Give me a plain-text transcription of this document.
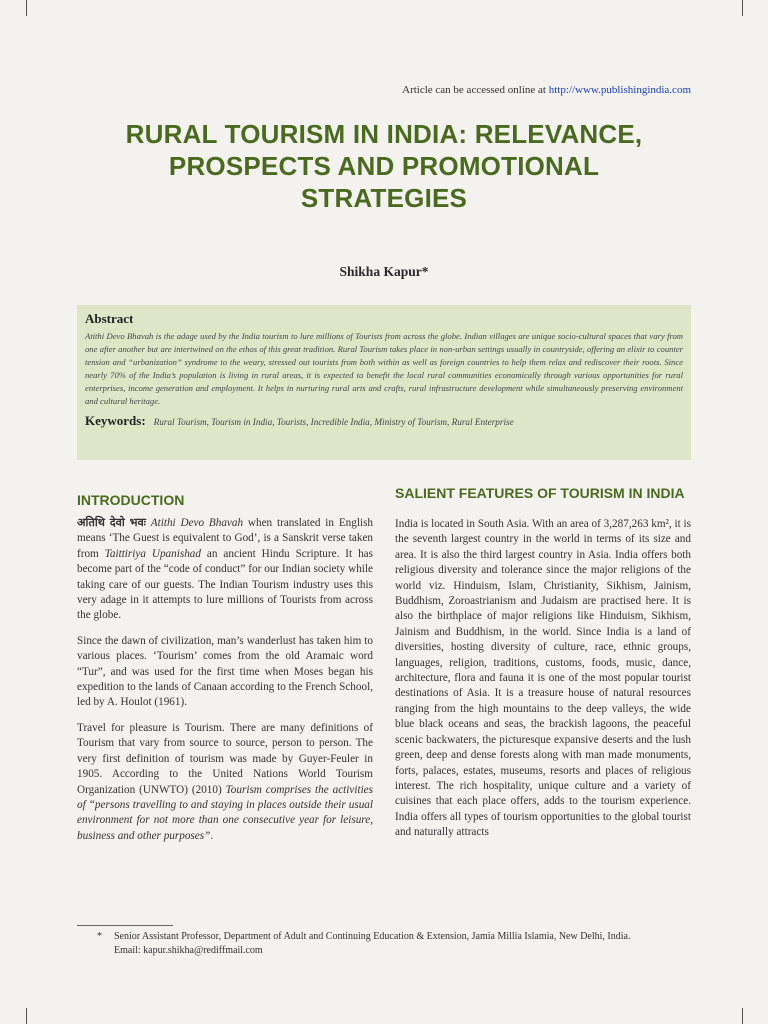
Article can be accessed online at http://www.publishingindia.com
RURAL TOURISM IN INDIA: RELEVANCE, PROSPECTS AND PROMOTIONAL STRATEGIES
Shikha Kapur*
Abstract

Atithi Devo Bhavah is the adage used by the India tourism to lure millions of Tourists from across the globe. Indian villages are unique socio-cultural spaces that vary from one after another but are intertwined on the ethos of this great tradition. Rural Tourism takes place in non-urban settings usually in countryside, offering an elixir to counter tension and “urbanization” syndrome to the weary, stressed out tourists from both within as well as foreign countries to help them relax and rediscover their roots. Since nearly 70% of the India’s population is living in rural areas, it is expected to benefit the local rural communities economically through various opportunities for rural enterprises, income generation and employment. It helps in nurturing rural arts and crafts, rural infrastructure development while simultaneously preserving environment and cultural heritage.

Keywords: Rural Tourism, Tourism in India, Tourists, Incredible India, Ministry of Tourism, Rural Enterprise
INTRODUCTION

अतिथि देवो भवः Atithi Devo Bhavah when translated in English means ‘The Guest is equivalent to God’, is a Sanskrit verse taken from Taittiriya Upanishad an ancient Hindu Scripture. It has become part of the “code of conduct” for our Indian society while taking care of our guests. The Indian Tourism industry uses this very adage in it attempts to lure millions of Tourists from across the globe.

Since the dawn of civilization, man’s wanderlust has taken him to various places. ‘Tourism’ comes from the old Aramaic word “Tur”, and was used for the first time when Moses began his expedition to the lands of Canaan according to the French School, led by A. Houlot (1961).

Travel for pleasure is Tourism. There are many definitions of Tourism that vary from source to source, person to person. The very first definition of tourism was made by Guyer-Feuler in 1905. According to the United Nations World Tourism Organization (UNWTO) (2010) Tourism comprises the activities of “persons travelling to and staying in places outside their usual environment for not more than one consecutive year for leisure, business and other purposes”.

SALIENT FEATURES OF TOURISM IN INDIA

India is located in South Asia. With an area of 3,287,263 km², it is the seventh largest country in the world in terms of its size and area. It is also the third largest country in Asia. India offers both religious diversity and tolerance since the major religions of the world viz. Hinduism, Islam, Christianity, Sikhism, Jainism, Buddhism, Zoroastrianism and Judaism are practised here. It is also the birthplace of major religions like Hinduism, Sikhism, Jainism and Buddhism, in the world. Since India is a land of diversities, hosting diversity of culture, race, ethnic groups, languages, religion, traditions, customs, foods, music, dance, architecture, flora and fauna it is one of the most popular tourist destinations of Asia. It is a treasure house of natural resources ranging from the high mountains to the deep valleys, the wide blue black oceans and seas, the brackish lagoons, the peaceful scenic backwaters, the picturesque expansive deserts and the lush green, deep and dense forests along with man made monuments, forts, palaces, estates, museums, resorts and places of religious interest. The rich hospitality, unique culture and a variety of cuisines that each place offers, adds to the tourism experience. India offers all types of tourism opportunities to the global tourist and naturally attracts

* Senior Assistant Professor, Department of Adult and Continuing Education & Extension, Jamia Millia Islamia, New Delhi, India.
Email: kapur.shikha@rediffmail.com
